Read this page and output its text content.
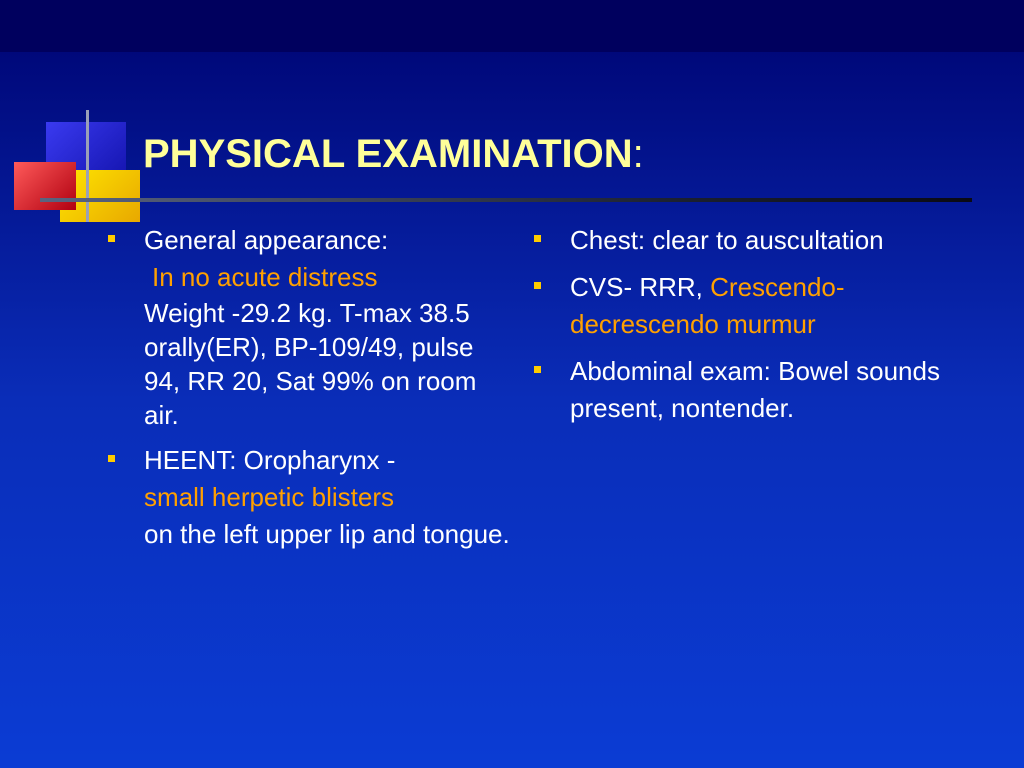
PHYSICAL EXAMINATION:
General appearance:
In no acute distress
Weight -29.2 kg. T-max 38.5 orally(ER), BP-109/49, pulse 94, RR 20, Sat 99% on room air.
HEENT: Oropharynx -
small herpetic blisters
on the left upper lip and tongue.
Chest: clear to auscultation
CVS- RRR, Crescendo-decrescendo murmur
Abdominal exam: Bowel sounds present, nontender.
